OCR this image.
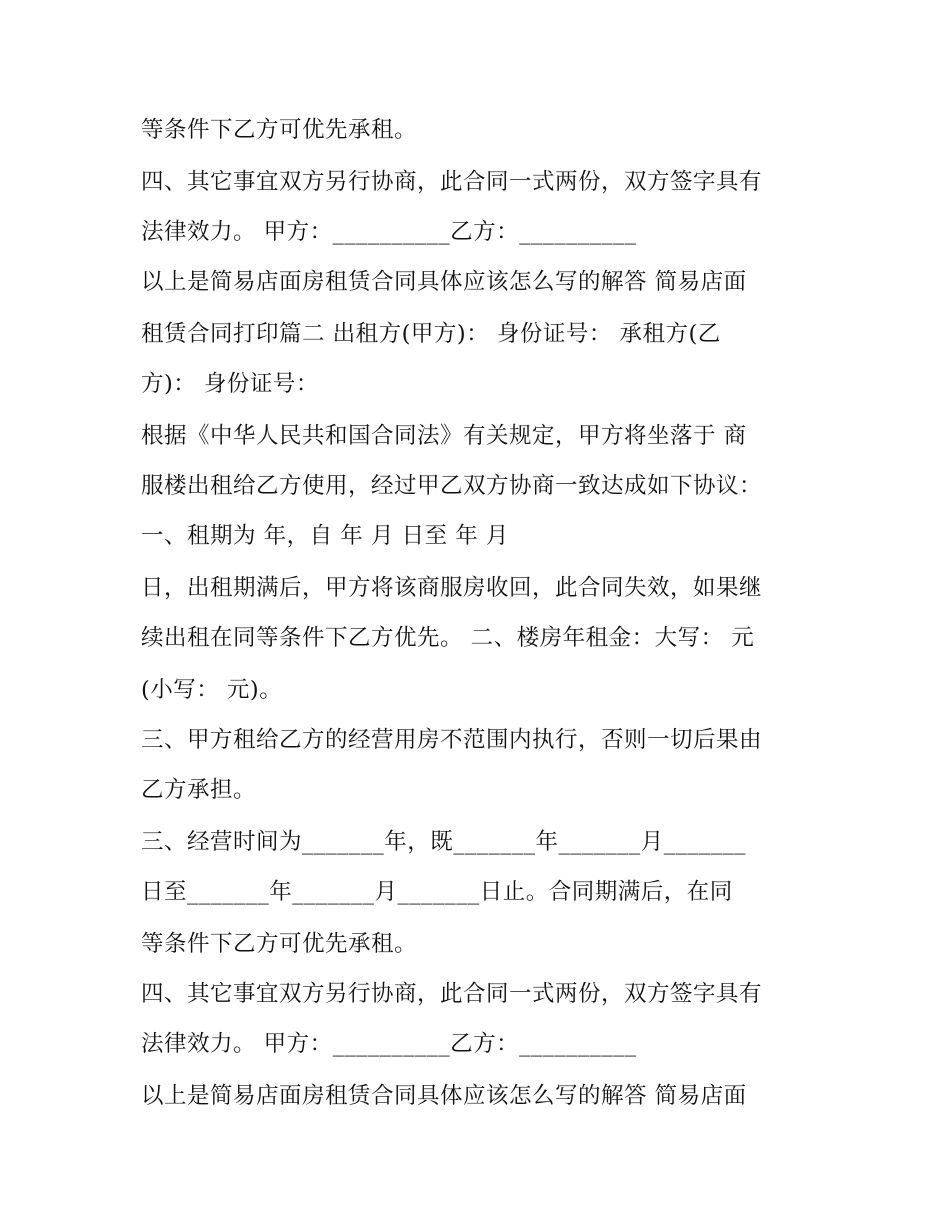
等条件下乙方可优先承租。
四、其它事宜双方另行协商，此合同一式两份，双方签字具有
法律效力。 甲方：__________乙方：__________
以上是简易店面房租赁合同具体应该怎么写的解答 简易店面
租赁合同打印篇二 出租方(甲方)： 身份证号： 承租方(乙
方)： 身份证号：
根据《中华人民共和国合同法》有关规定，甲方将坐落于 商
服楼出租给乙方使用，经过甲乙双方协商一致达成如下协议：
一、租期为 年，自 年 月 日至 年 月
日，出租期满后，甲方将该商服房收回，此合同失效，如果继
续出租在同等条件下乙方优先。 二、楼房年租金：大写： 元
(小写： 元)。
三、甲方租给乙方的经营用房不范围内执行，否则一切后果由
乙方承担。
三、经营时间为_______年，既_______年_______月_______
日至_______年_______月_______日止。合同期满后，在同
等条件下乙方可优先承租。
四、其它事宜双方另行协商，此合同一式两份，双方签字具有
法律效力。 甲方：__________乙方：__________
以上是简易店面房租赁合同具体应该怎么写的解答 简易店面
